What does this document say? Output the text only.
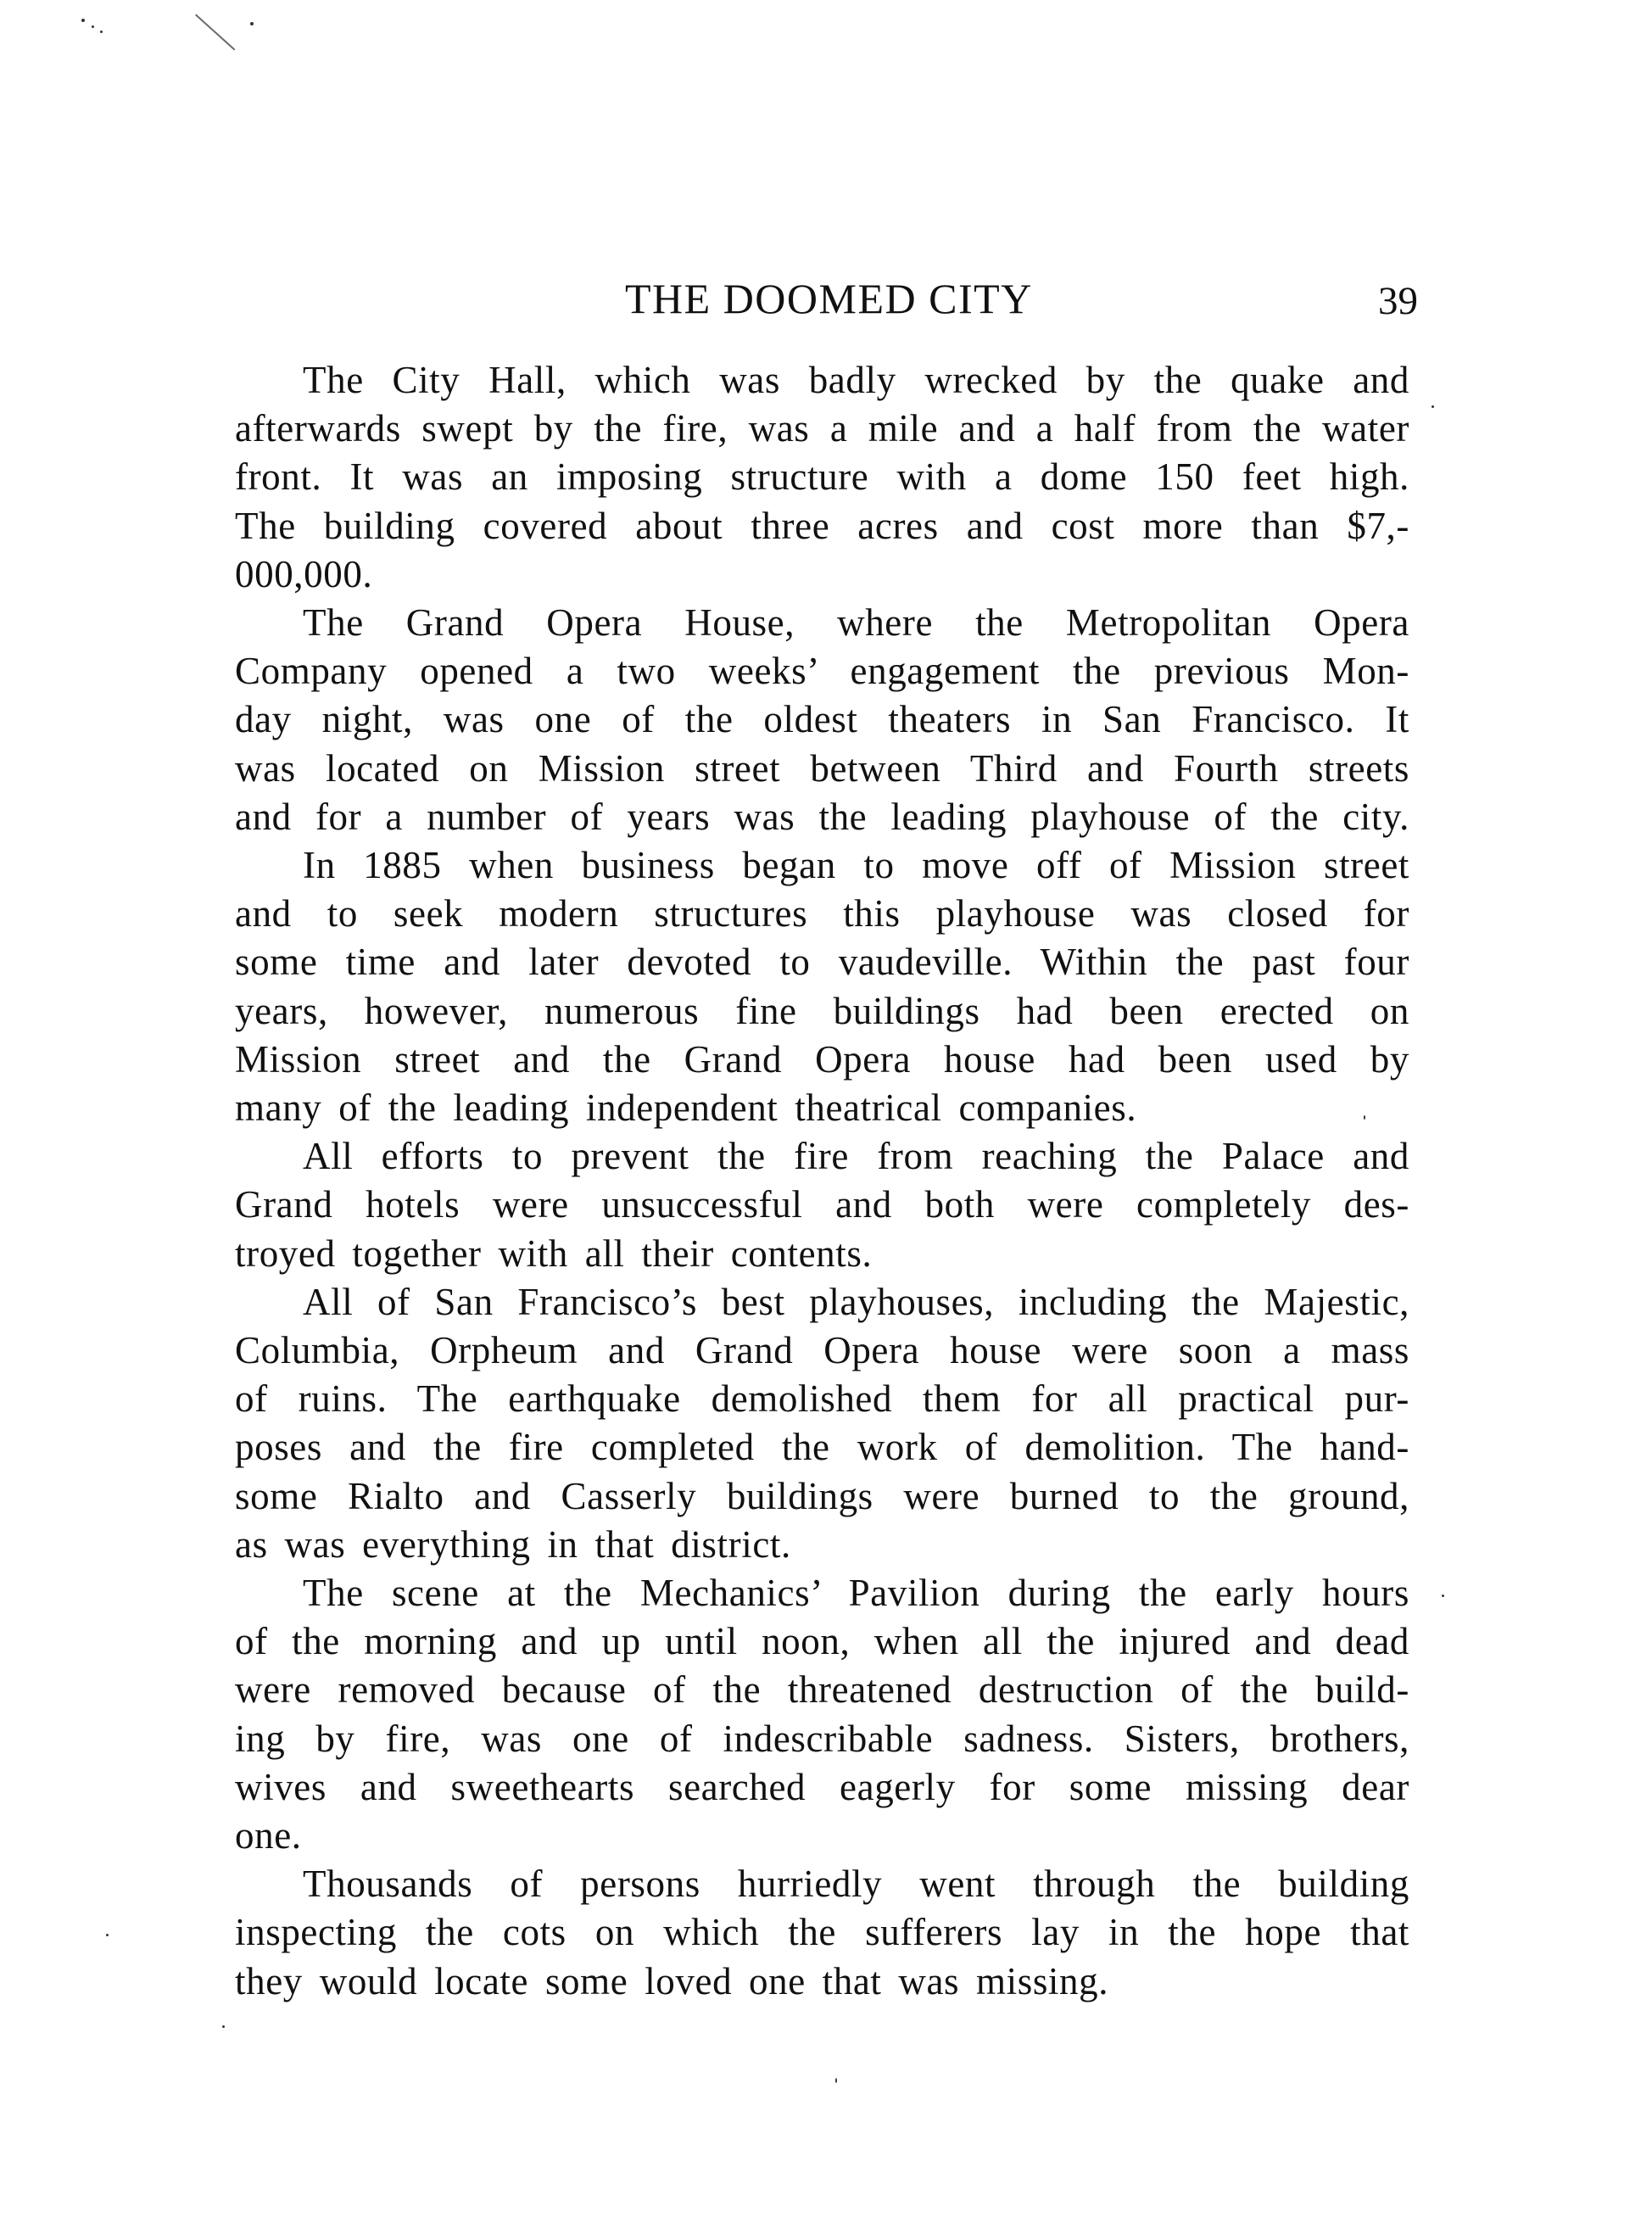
THE DOOMED CITY	39
The City Hall, which was badly wrecked by the quake and
afterwards swept by the fire, was a mile and a half from the water
front. It was an imposing structure with a dome 150 feet high.
The building covered about three acres and cost more than $7,-
000,000.
The Grand Opera House, where the Metropolitan Opera
Company opened a two weeks’ engagement the previous Mon-
day night, was one of the oldest theaters in San Francisco. It
was located on Mission street between Third and Fourth streets
and for a number of years was the leading playhouse of the city.
In 1885 when business began to move off of Mission street
and to seek modern structures this playhouse was closed for
some time and later devoted to vaudeville. Within the past four
years, however, numerous fine buildings had been erected on
Mission street and the Grand Opera house had been used by
many of the leading independent theatrical companies.
All efforts to prevent the fire from reaching the Palace and
Grand hotels were unsuccessful and both were completely des-
troyed together with all their contents.
All of San Francisco’s best playhouses, including the Majestic,
Columbia, Orpheum and Grand Opera house were soon a mass
of ruins. The earthquake demolished them for all practical pur-
poses and the fire completed the work of demolition. The hand-
some Rialto and Casserly buildings were burned to the ground,
as was everything in that district.
The scene at the Mechanics’ Pavilion during the early hours
of the morning and up until noon, when all the injured and dead
were removed because of the threatened destruction of the build-
ing by fire, was one of indescribable sadness. Sisters, brothers,
wives and sweethearts searched eagerly for some missing dear
one.
Thousands of persons hurriedly went through the building
inspecting the cots on which the sufferers lay in the hope that
they would locate some loved one that was missing.
